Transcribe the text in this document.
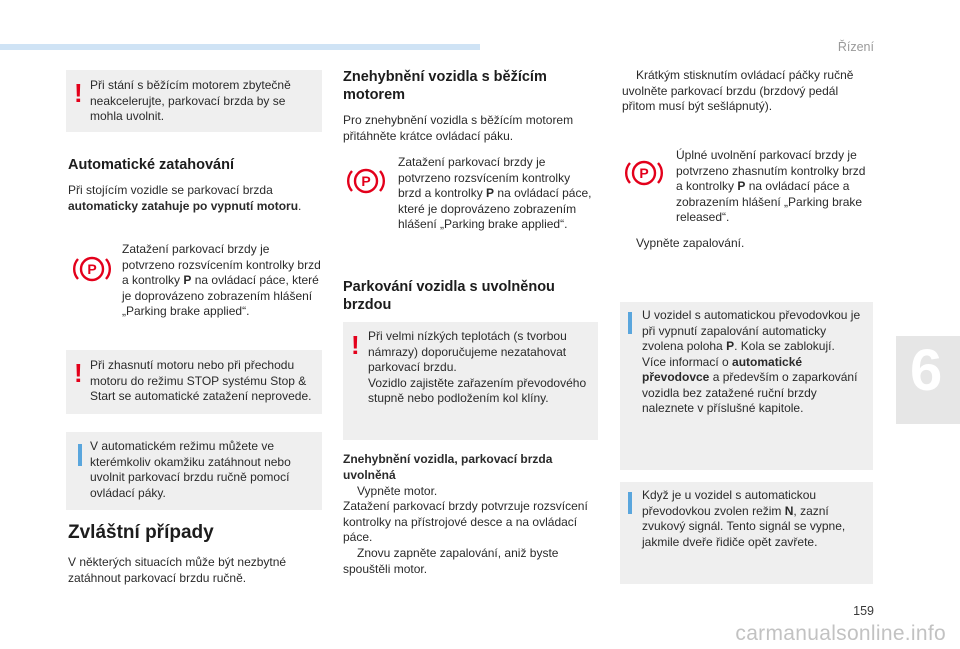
Řízení
6
159
carmanualsonline.info
! Při stání s běžícím motorem zbytečně neakcelerujte, parkovací brzda by se mohla uvolnit.
Automatické zatahování

Při stojícím vozidle se parkovací brzda automaticky zatahuje po vypnutí motoru.

P

Zatažení parkovací brzdy je potvrzeno rozsvícením kontrolky brzd a kontrolky P na ovládací páce, které je doprovázeno zobrazením hlášení „Parking brake applied“.

! Při zhasnutí motoru nebo při přechodu motoru do režimu STOP systému Stop & Start se automatické zatažení neprovede.
V automatickém režimu můžete ve kterémkoliv okamžiku zatáhnout nebo uvolnit parkovací brzdu ručně pomocí ovládací páky.
Zvláštní případy

V některých situacích může být nezbytné zatáhnout parkovací brzdu ručně.

Znehybnění vozidla s běžícím motorem

Pro znehybnění vozidla s běžícím motorem přitáhněte krátce ovládací páku.

P

Zatažení parkovací brzdy je potvrzeno rozsvícením kontrolky brzd a kontrolky P na ovládací páce, které je doprovázeno zobrazením hlášení „Parking brake applied“.

Parkování vozidla s uvolněnou brzdou
! Při velmi nízkých teplotách (s tvorbou námrazy) doporučujeme nezatahovat parkovací brzdu.
Vozidlo zajistěte zařazením převodového stupně nebo podložením kol klíny.

Znehybnění vozidla, parkovací brzda uvolněná

Vypněte motor.

Zatažení parkovací brzdy potvrzuje rozsvícení kontrolky na přístrojové desce a na ovládací páce.

Znovu zapněte zapalování, aniž byste spouštěli motor.

Krátkým stisknutím ovládací páčky ručně uvolněte parkovací brzdu (brzdový pedál přitom musí být sešlápnutý).

P

Úplné uvolnění parkovací brzdy je potvrzeno zhasnutím kontrolky brzd a kontrolky P na ovládací páce a zobrazením hlášení „Parking brake released“.

Vypněte zapalování.

U vozidel s automatickou převodovkou je při vypnutí zapalování automaticky zvolena poloha P. Kola se zablokují.
Více informací o automatické převodovce a především o zaparkování vozidla bez zatažené ruční brzdy naleznete v příslušné kapitole.
Když je u vozidel s automatickou převodovkou zvolen režim N, zazní zvukový signál. Tento signál se vypne, jakmile dveře řidiče opět zavřete.
